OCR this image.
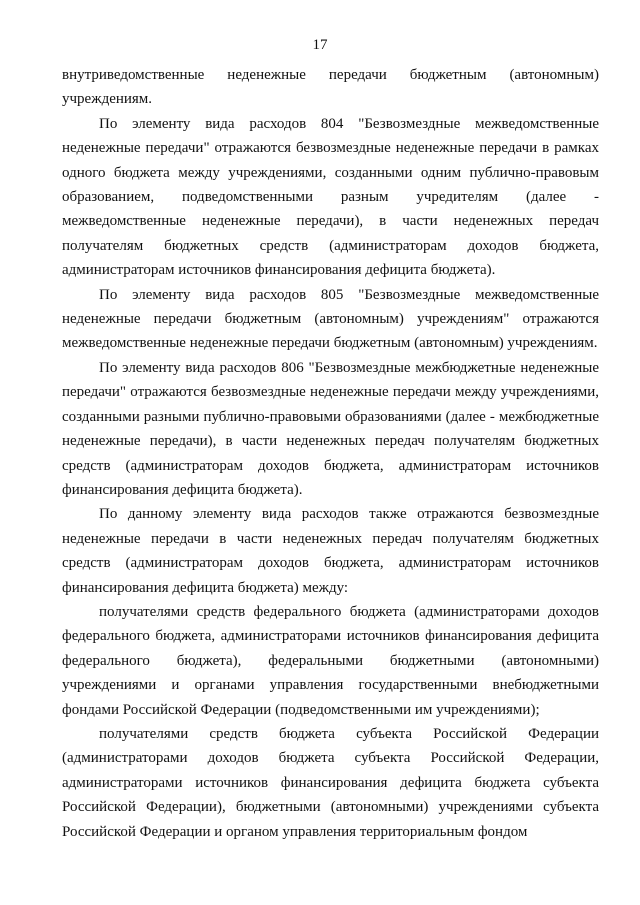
17

внутриведомственные неденежные передачи бюджетным (автономным) учреждениям.

По элементу вида расходов 804 "Безвозмездные межведомственные неденежные передачи" отражаются безвозмездные неденежные передачи в рамках одного бюджета между учреждениями, созданными одним публично-правовым образованием, подведомственными разным учредителям (далее - межведомственные неденежные передачи), в части неденежных передач получателям бюджетных средств (администраторам доходов бюджета, администраторам источников финансирования дефицита бюджета).

По элементу вида расходов 805 "Безвозмездные межведомственные неденежные передачи бюджетным (автономным) учреждениям" отражаются межведомственные неденежные передачи бюджетным (автономным) учреждениям.

По элементу вида расходов 806 "Безвозмездные межбюджетные неденежные передачи" отражаются безвозмездные неденежные передачи между учреждениями, созданными разными публично-правовыми образованиями (далее - межбюджетные неденежные передачи), в части неденежных передач получателям бюджетных средств (администраторам доходов бюджета, администраторам источников финансирования дефицита бюджета).

По данному элементу вида расходов также отражаются безвозмездные неденежные передачи в части неденежных передач получателям бюджетных средств (администраторам доходов бюджета, администраторам источников финансирования дефицита бюджета) между:

получателями средств федерального бюджета (администраторами доходов федерального бюджета, администраторами источников финансирования дефицита федерального бюджета), федеральными бюджетными (автономными) учреждениями и органами управления государственными внебюджетными фондами Российской Федерации (подведомственными им учреждениями);

получателями средств бюджета субъекта Российской Федерации (администраторами доходов бюджета субъекта Российской Федерации, администраторами источников финансирования дефицита бюджета субъекта Российской Федерации), бюджетными (автономными) учреждениями субъекта Российской Федерации и органом управления территориальным фондом
